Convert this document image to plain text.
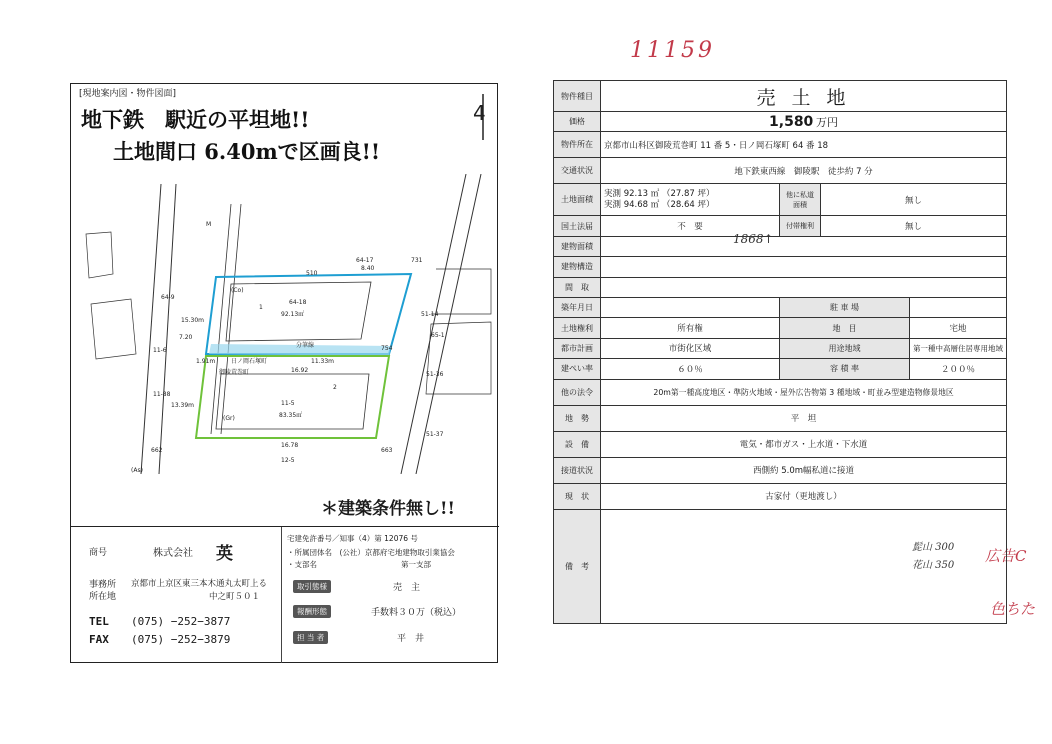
11159
1868↑
髭山 300
花山 350
広告C
色ちた
[現地案内図・物件図面]
地下鉄　駅近の平坦地!!
土地間口 6.40mで区画良!!
4
1
64-18
92.13㎡
分筆線
日ノ岡石塚町
御陵荒巻町
1.91m	11.33m
16.92
2
11-5
83.35㎡
16.78
15.30m
13.39m
8.40
7.20
510
64-17
64-9
11-6
11-88
51-14
65-1
51-36
51-37
12-5
731
754
663
662
(Co)
(Gr)
(As)
M
＊建築条件無し!!
商号	株式会社 英
事務所
所在地
京都市上京区東三本木通丸太町上る
中之町５０１
TEL (075) −252−3877
FAX (075) −252−3879
宅建免許番号／知事（4）第 12076 号
・所属団体名　(公社）京都府宅地建物取引業協会
・支部名	第一支部
取引態様	売　主
報酬形態	手数料３０万（税込）
担 当 者	平　井
物件種目	売 土 地			
価格	1,580 万円			
物件所在	京都市山科区御陵荒巻町 11 番 5・日ノ岡石塚町 64 番 18			
交通状況	地下鉄東西線　御陵駅　徒歩約 7 分			
土地面積	実測 92.13 ㎡ （27.87 坪）
実測 94.68 ㎡ （28.64 坪）	他に私道面積	無し	
国土法届	不　要	付帯権利	無し	
建物面積				
建物構造				
間　取				
築年月日		駐 車 場		
土地権利	所有権	地　目		宅地
都市計画	市街化区域	用途地域		第一種中高層住居専用地域
建ぺい率	６０％	容 積 率		２００％
他の法令	20m第一種高度地区・準防火地域・屋外広告物第 3 種地域・町並み型建造物修景地区			
地　勢	平　坦			
設　備	電気・都市ガス・上水道・下水道			
接道状況	西側約 5.0m幅私道に接道			
現　状	古家付（更地渡し）			
備　考				
